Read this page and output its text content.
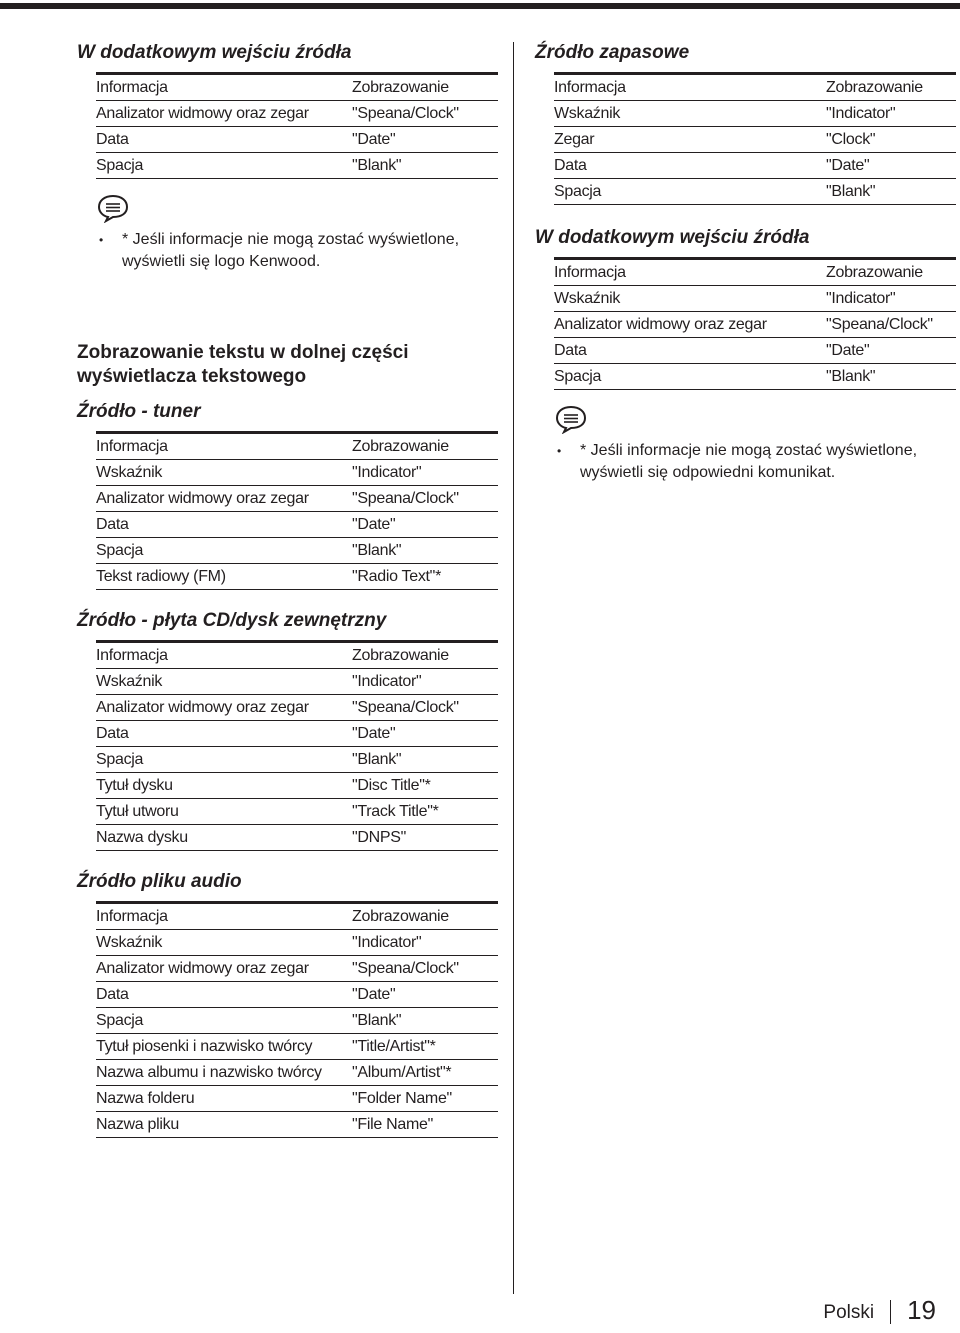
W dodatkowym wejściu źródła
Informacja	Zobrazowanie
Analizator widmowy oraz zegar	"Speana/Clock"
Data	"Date"
Spacja	"Blank"
• * Jeśli informacje nie mogą zostać wyświetlone, wyświetli się logo Kenwood.
Zobrazowanie tekstu w dolnej części wyświetlacza tekstowego
Źródło - tuner
Informacja	Zobrazowanie
Wskaźnik	"Indicator"
Analizator widmowy oraz zegar	"Speana/Clock"
Data	"Date"
Spacja	"Blank"
Tekst radiowy (FM)	"Radio Text"*
Źródło - płyta CD/dysk zewnętrzny
Informacja	Zobrazowanie
Wskaźnik	"Indicator"
Analizator widmowy oraz zegar	"Speana/Clock"
Data	"Date"
Spacja	"Blank"
Tytuł dysku	"Disc Title"*
Tytuł utworu	"Track Title"*
Nazwa dysku	"DNPS"
Źródło pliku audio
Informacja	Zobrazowanie
Wskaźnik	"Indicator"
Analizator widmowy oraz zegar	"Speana/Clock"
Data	"Date"
Spacja	"Blank"
Tytuł piosenki i nazwisko twórcy	"Title/Artist"*
Nazwa albumu i nazwisko twórcy	"Album/Artist"*
Nazwa folderu	"Folder Name"
Nazwa pliku	"File Name"
Źródło zapasowe
Informacja	Zobrazowanie
Wskaźnik	"Indicator"
Zegar	"Clock"
Data	"Date"
Spacja	"Blank"
W dodatkowym wejściu źródła
Informacja	Zobrazowanie
Wskaźnik	"Indicator"
Analizator widmowy oraz zegar	"Speana/Clock"
Data	"Date"
Spacja	"Blank"
• * Jeśli informacje nie mogą zostać wyświetlone, wyświetli się odpowiedni komunikat.
Polski 19
